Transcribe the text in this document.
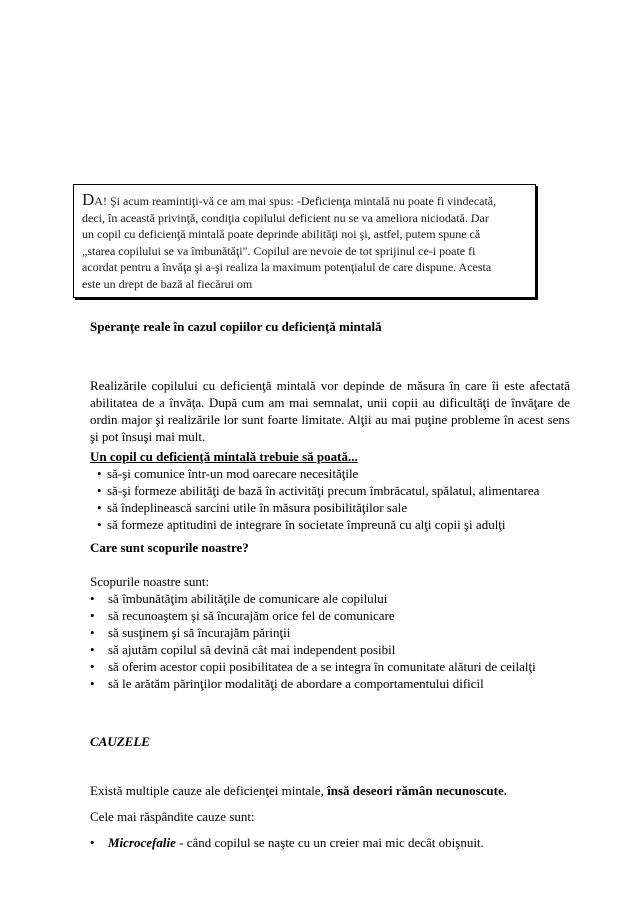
DA! Şi acum reamintiţi-vă ce am mai spus: -Deficienţa mintală nu poate fi vindecată,
deci, în această privinţă, condiţia copilului deficient nu se va ameliora niciodată. Dar
un copil cu deficienţă mintală poate deprinde abilităţi noi şi, astfel, putem spune că
„starea copilului se va îmbunătăţi". Copilul are nevoie de tot sprijinul ce-i poate fi
acordat pentru a învăţa şi a-şi realiza la maximum potenţialul de care dispune. Acesta
este un drept de bază al fiecărui om
Speranţe reale în cazul copiilor cu deficienţă mintală
Realizările copilului cu deficienţă mintală vor depinde de măsura în care îi este afectată abilitatea de a învăţa. După cum am mai semnalat, unii copii au dificultăţi de învăţare de ordin major şi realizările lor sunt foarte limitate. Alţii au mai puţine probleme în acest sens şi pot însuşi mai mult.
Un copil cu deficienţă mintală trebuie să poată...
• să-şi comunice într-un mod oarecare necesităţile
• să-şi formeze abilităţi de bază în activităţi precum îmbrăcatul, spălatul, alimentarea
• să îndeplinească sarcini utile în măsura posibilităţilor sale
• să formeze aptitudini de integrare în societate împreună cu alţi copii şi adulţi
Care sunt scopurile noastre?
Scopurile noastre sunt:
• să îmbunătăţim abilităţile de comunicare ale copilului
• să recunoaştem şi să încurajăm orice fel de comunicare
• să susţinem şi să încurajăm părinţii
• să ajutăm copilul să devină cât mai independent posibil
• să oferim acestor copii posibilitatea de a se integra în comunitate alături de ceilalţi
• să le arătăm părinţilor modalităţi de abordare a comportamentului dificil
CAUZELE
Există multiple cauze ale deficienţei mintale, însă deseori rămân necunoscute.
Cele mai răspândite cauze sunt:
• Microcefalie - când copilul se naşte cu un creier mai mic decât obişnuit.
